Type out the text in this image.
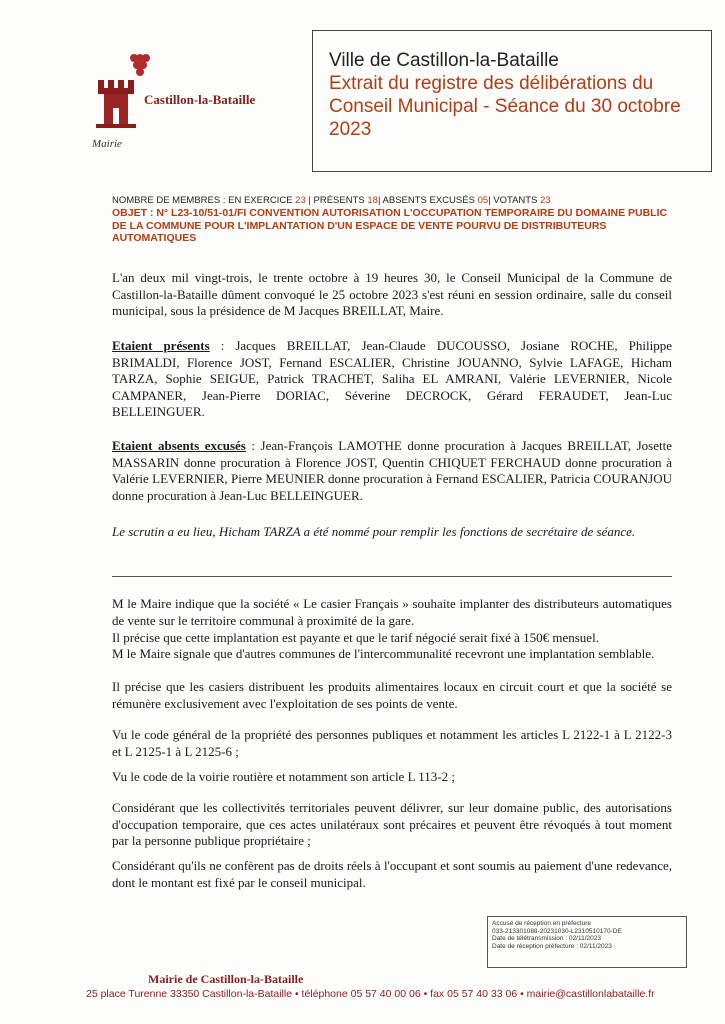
Castillon-la-Bataille
Mairie
Ville de Castillon-la-Bataille
Extrait du registre des délibérations du Conseil Municipal - Séance du 30 octobre 2023
NOMBRE DE MEMBRES : EN EXERCICE 23 | PRÉSENTS 18| ABSENTS EXCUSÉS 05| VOTANTS 23
OBJET : N° L23-10/51-01/FI CONVENTION AUTORISATION L'OCCUPATION TEMPORAIRE DU DOMAINE PUBLIC DE LA COMMUNE POUR L'IMPLANTATION D'UN ESPACE DE VENTE POURVU DE DISTRIBUTEURS AUTOMATIQUES
L'an deux mil vingt-trois, le trente octobre à 19 heures 30, le Conseil Municipal de la Commune de Castillon-la-Bataille dûment convoqué le 25 octobre 2023 s'est réuni en session ordinaire, salle du conseil municipal, sous la présidence de M Jacques BREILLAT, Maire.
Etaient présents : Jacques BREILLAT, Jean-Claude DUCOUSSO, Josiane ROCHE, Philippe BRIMALDI, Florence JOST, Fernand ESCALIER, Christine JOUANNO, Sylvie LAFAGE, Hicham TARZA, Sophie SEIGUE, Patrick TRACHET, Saliha EL AMRANI, Valérie LEVERNIER, Nicole CAMPANER, Jean-Pierre DORIAC, Séverine DECROCK, Gérard FERAUDET, Jean-Luc BELLEINGUER.
Etaient absents excusés : Jean-François LAMOTHE donne procuration à Jacques BREILLAT, Josette MASSARIN donne procuration à Florence JOST, Quentin CHIQUET FERCHAUD donne procuration à Valérie LEVERNIER, Pierre MEUNIER donne procuration à Fernand ESCALIER, Patricia COURANJOU donne procuration à Jean-Luc BELLEINGUER.
Le scrutin a eu lieu, Hicham TARZA a été nommé pour remplir les fonctions de secrétaire de séance.
M le Maire indique que la société « Le casier Français » souhaite implanter des distributeurs automatiques de vente sur le territoire communal à proximité de la gare.
Il précise que cette implantation est payante et que le tarif négocié serait fixé à 150€ mensuel.
M le Maire signale que d'autres communes de l'intercommunalité recevront une implantation semblable.
Il précise que les casiers distribuent les produits alimentaires locaux en circuit court et que la société se rémunère exclusivement avec l'exploitation de ses points de vente.
Vu le code général de la propriété des personnes publiques et notamment les articles L 2122-1 à L 2122-3 et L 2125-1 à L 2125-6 ;
Vu le code de la voirie routière et notamment son article L 113-2 ;
Considérant que les collectivités territoriales peuvent délivrer, sur leur domaine public, des autorisations d'occupation temporaire, que ces actes unilatéraux sont précaires et peuvent être révoqués à tout moment par la personne publique propriétaire ;
Considérant qu'ils ne confèrent pas de droits réels à l'occupant et sont soumis au paiement d'une redevance, dont le montant est fixé par le conseil municipal.
Accusé de réception en préfecture
033-213301088-20231030-L2310510170-DE
Date de télétransmission : 02/11/2023
Date de réception préfecture : 02/11/2023
Mairie de Castillon-la-Bataille
25 place Turenne 33350 Castillon-la-Bataille • téléphone 05 57 40 00 06 • fax 05 57 40 33 06 • mairie@castillonlabataille.fr
